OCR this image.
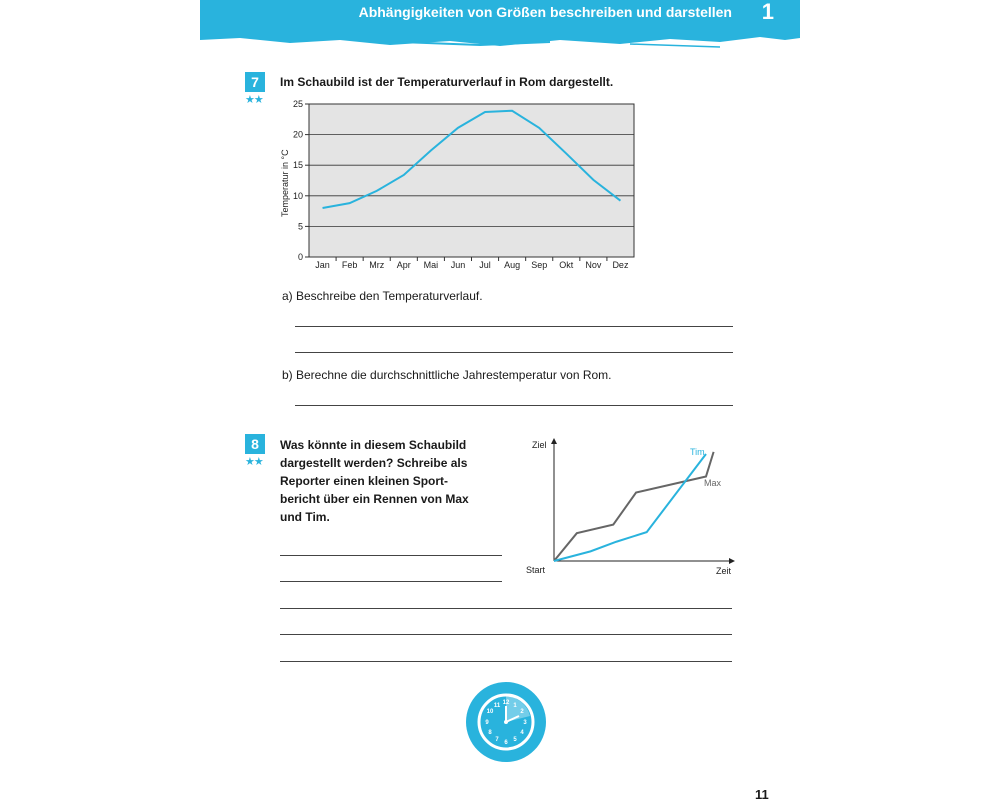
Abhängigkeiten von Größen beschreiben und darstellen 1
7
★★
Im Schaubild ist der Temperaturverlauf in Rom dargestellt.
0
5
10
15
20
25
Jan Feb Mrz Apr Mai Jun Jul Aug Sep Okt Nov Dez
Temperatur in °C
a) Beschreibe den Temperaturverlauf.
b) Berechne die durchschnittliche Jahrestemperatur von Rom.
8
★★
Was könnte in diesem Schaubild dargestellt werden? Schreibe als Reporter einen kleinen Sport-bericht über ein Rennen von Max und Tim.
Ziel
Start	Zeit
Tim
Max
12 1
2
3
4
5
6
7
8
9
10
11
11
